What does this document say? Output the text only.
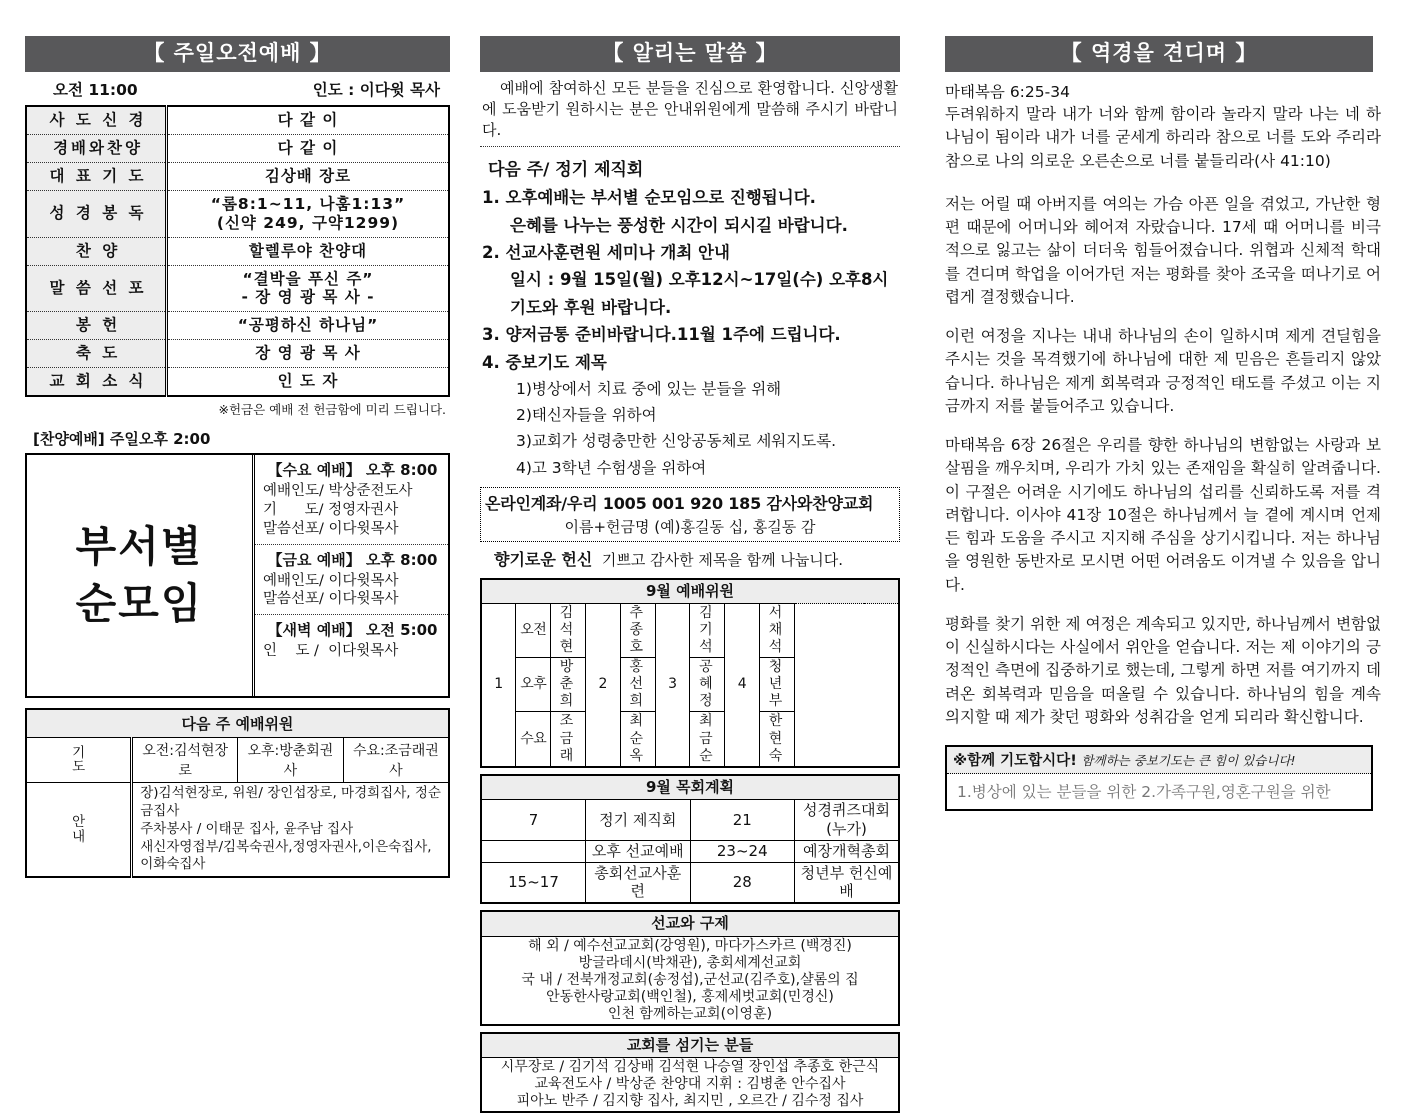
【 주일오전예배 】
오전 11:00	인도 : 이다윗 목사
사 도 신 경	다 같 이
경배와찬양	다 같 이
대 표 기 도	김상배 장로
성 경 봉 독	“롬8:1~11, 나훔1:13”
(신약 249, 구약1299)
찬 양	할렐루야 찬양대
말 씀 선 포	“결박을 푸신 주”
- 장 영 광 목 사 -
봉 헌	“공평하신 하나님”
축 도	장 영 광 목 사
교 회 소 식	인 도 자
※헌금은 예배 전 헌금함에 미리 드립니다.
[찬양예배] 주일오후 2:00
부서별
순모임
【수요 예배】 오후 8:00
예배인도/ 박상준전도사
기      도/ 정영자권사
말씀선포/ 이다윗목사
【금요 예배】 오후 8:00
예배인도/ 이다윗목사
말씀선포/ 이다윗목사
【새벽 예배】 오전 5:00
인    도 /  이다윗목사
다음 주 예배위원			
기
도	오전:김석현장로	오후:방춘회권사	수요:조금래권사
안
내	장)김석현장로, 위원/ 장인섭장로, 마경희집사, 정순금집사
주차봉사 / 이태문 집사, 윤주남 집사
새신자영접부/김복숙권사,정영자권사,이은숙집사,이화숙집사		
【 알리는 말씀 】
예배에 참여하신 모든 분들을 진심으로 환영합니다. 신앙생활에 도움받기 원하시는 분은 안내위원에게 말씀해 주시기 바랍니다.
다음 주/ 정기 제직회
1. 오후예배는 부서별 순모임으로 진행됩니다.
은혜를 나누는 풍성한 시간이 되시길 바랍니다.
2. 선교사훈련원 세미나 개최 안내
일시 : 9월 15일(월) 오후12시~17일(수) 오후8시
기도와 후원 바랍니다.
3. 양저금통 준비바랍니다.11월 1주에 드립니다.
4. 중보기도 제목
1)병상에서 치료 중에 있는 분들을 위해
2)태신자들을 위하여
3)교회가 성령충만한 신앙공동체로 세워지도록.
4)고 3학년 수험생을 위하여
온라인계좌/우리 1005 001 920 185 감사와찬양교회
이름+헌금명 (예)홍길동 십, 홍길동 감
향기로운 헌신 기쁘고 감사한 제목을 함께 나눕니다.
9월 예배위원								
1	오전	김 석 현	2	추 종 호	3	김 기 석	4	서 채 석
	오후	방 춘 희		홍 선 희		공 혜 정		청 년 부
	수요	조 금 래		최 순 옥		최 금 순		한 현 숙
9월 목회계획			
7	정기 제직회	21	성경퀴즈대회(누가)
	오후 선교예배	23~24	예장개혁총회
15~17	총회선교사훈련	28	청년부 헌신예배
선교와 구제
해 외 / 예수선교교회(강영원), 마다가스카르 (백경진)
방글라데시(박채관), 총회세계선교회
국 내 / 전북개정교회(송정섭),군선교(김주호),샬롬의 집
안동한사랑교회(백인철), 홍제세벗교회(민경신)
인천 함께하는교회(이영훈)
교회를 섬기는 분들
시무장로 / 김기석 김상배 김석현 나승열 장인섭 추종호 한근식
교육전도사 / 박상준 찬양대 지휘 : 김병춘 안수집사
피아노 반주 / 김지향 집사, 최지민 , 오르간 / 김수정 집사
【 역경을 견디며 】
마태복음 6:25-34

두려워하지 말라 내가 너와 함께 함이라 놀라지 말라 나는 네 하나님이 됨이라 내가 너를 굳세게 하리라 참으로 너를 도와 주리라 참으로 나의 의로운 오른손으로 너를 붙들리라(사 41:10)

저는 어릴 때 아버지를 여의는 가슴 아픈 일을 겪었고, 가난한 형편 때문에 어머니와 헤어져 자랐습니다. 17세 때 어머니를 비극적으로 잃고는 삶이 더더욱 힘들어졌습니다. 위협과 신체적 학대를 견디며 학업을 이어가던 저는 평화를 찾아 조국을 떠나기로 어렵게 결정했습니다.

이런 여정을 지나는 내내 하나님의 손이 일하시며 제게 견딜힘을 주시는 것을 목격했기에 하나님에 대한 제 믿음은 흔들리지 않았습니다. 하나님은 제게 회복력과 긍정적인 태도를 주셨고 이는 지금까지 저를 붙들어주고 있습니다.

마태복음 6장 26절은 우리를 향한 하나님의 변함없는 사랑과 보살핌을 깨우치며, 우리가 가치 있는 존재임을 확실히 알려줍니다. 이 구절은 어려운 시기에도 하나님의 섭리를 신뢰하도록 저를 격려합니다. 이사야 41장 10절은 하나님께서 늘 곁에 계시며 언제든 힘과 도움을 주시고 지지해 주심을 상기시킵니다. 저는 하나님을 영원한 동반자로 모시면 어떤 어려움도 이겨낼 수 있음을 압니다.

평화를 찾기 위한 제 여정은 계속되고 있지만, 하나님께서 변함없이 신실하시다는 사실에서 위안을 얻습니다. 저는 제 이야기의 긍정적인 측면에 집중하기로 했는데, 그렇게 하면 저를 여기까지 데려온 회복력과 믿음을 떠올릴 수 있습니다. 하나님의 힘을 계속 의지할 때 제가 찾던 평화와 성취감을 얻게 되리라 확신합니다.

※함께 기도합시다! 함께하는 중보기도는 큰 힘이 있습니다!
1.병상에 있는 분들을 위한 2.가족구원,영혼구원을 위한
